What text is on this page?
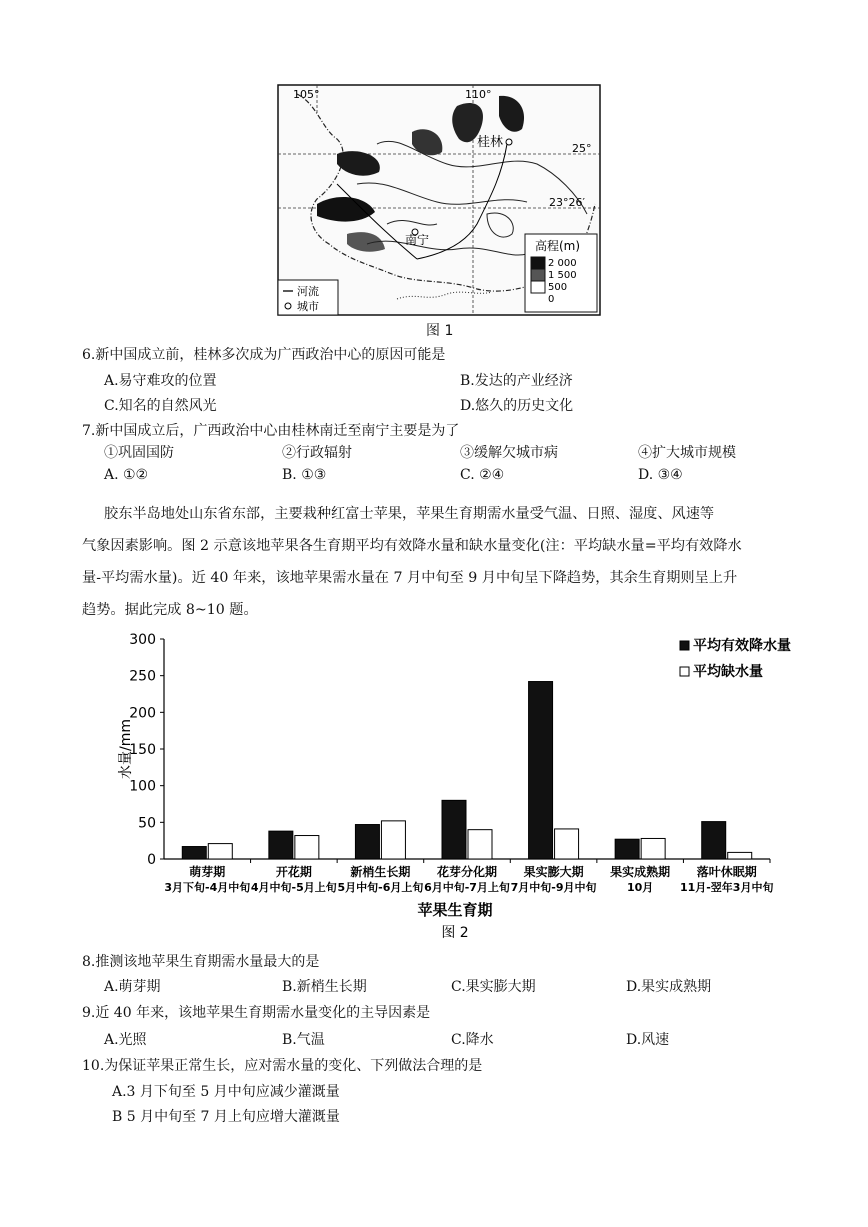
105°	110°
25°
23°26′
桂林
南宁	高程(m)
2 000
1 500
500
0
河流
城市
图 1
6.新中国成立前，桂林多次成为广西政治中心的原因可能是
A.易守难攻的位置	B.发达的产业经济
C.知名的自然风光	D.悠久的历史文化
7.新中国成立后，广西政治中心由桂林南迁至南宁主要是为了
①巩固国防	②行政辐射	③缓解欠城市病	④扩大城市规模
A. ①②	B. ①③	C. ②④	D. ③④
胶东半岛地处山东省东部，主要栽种红富士苹果，苹果生育期需水量受气温、日照、湿度、风速等
气象因素影响。图 2 示意该地苹果各生育期平均有效降水量和缺水量变化(注：平均缺水量=平均有效降水
量-平均需水量)。近 40 年来，该地苹果需水量在 7 月中旬至 9 月中旬呈下降趋势，其余生育期则呈上升
趋势。据此完成 8~10 题。
0
50
100
150
200
250
300
水量/mm
萌芽期
3月下旬-4月中旬
开花期
4月中旬-5月上旬
新梢生长期
5月中旬-6月上旬
花芽分化期
6月中旬-7月上旬
果实膨大期
7月中旬-9月中旬
果实成熟期
10月
落叶休眠期
11月-翌年3月中旬
苹果生育期
图 2
平均有效降水量
平均缺水量
8.推测该地苹果生育期需水量最大的是
A.萌芽期	B.新梢生长期	C.果实膨大期	D.果实成熟期
9.近 40 年来，该地苹果生育期需水量变化的主导因素是
A.光照	B.气温	C.降水	D.风速
10.为保证苹果正常生长，应对需水量的变化、下列做法合理的是
A.3 月下旬至 5 月中旬应减少灌溉量
B 5 月中旬至 7 月上旬应增大灌溉量
